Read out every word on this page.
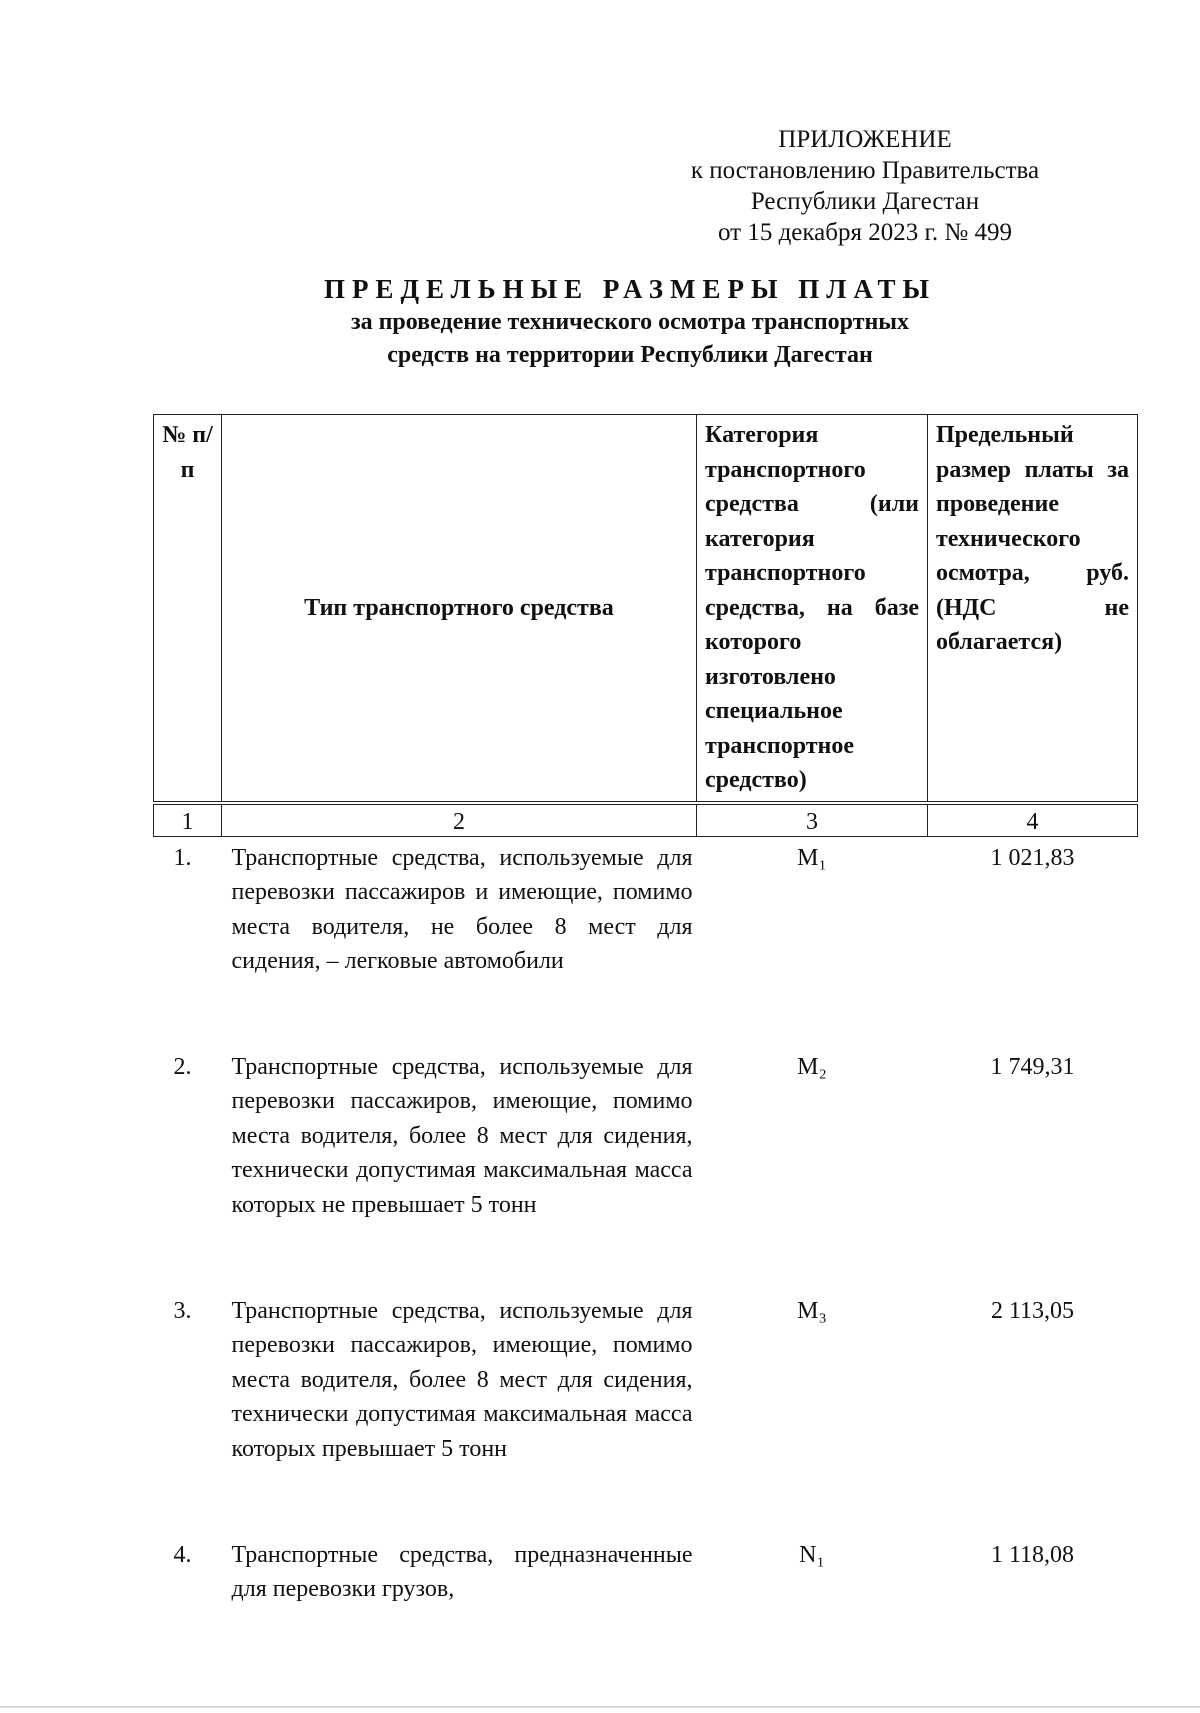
ПРИЛОЖЕНИЕ
к постановлению Правительства
Республики Дагестан
от 15 декабря 2023 г. № 499
ПРЕДЕЛЬНЫЕ РАЗМЕРЫ ПЛАТЫ
за проведение технического осмотра транспортных
средств на территории Республики Дагестан
№ п/п	Тип транспортного средства	Категория транспортного средства (или категория транспортного средства, на базе которого изготовлено специальное транспортное средство)	Предельный размер платы за проведение технического осмотра, руб. (НДС не облагается)
1	2	3	4
1.	Транспортные средства, используемые для перевозки пассажиров и имеющие, помимо места водителя, не более 8 мест для сидения, – легковые автомобили	M₁	1 021,83
2.	Транспортные средства, используемые для перевозки пассажиров, имеющие, помимо места водителя, более 8 мест для сидения, технически допустимая максимальная масса которых не превышает 5 тонн	M₂	1 749,31
3.	Транспортные средства, используемые для перевозки пассажиров, имеющие, помимо места водителя, более 8 мест для сидения, технически допустимая максимальная масса которых превышает 5 тонн	M₃	2 113,05
4.	Транспортные средства, предназначенные для перевозки грузов,	N₁	1 118,08
